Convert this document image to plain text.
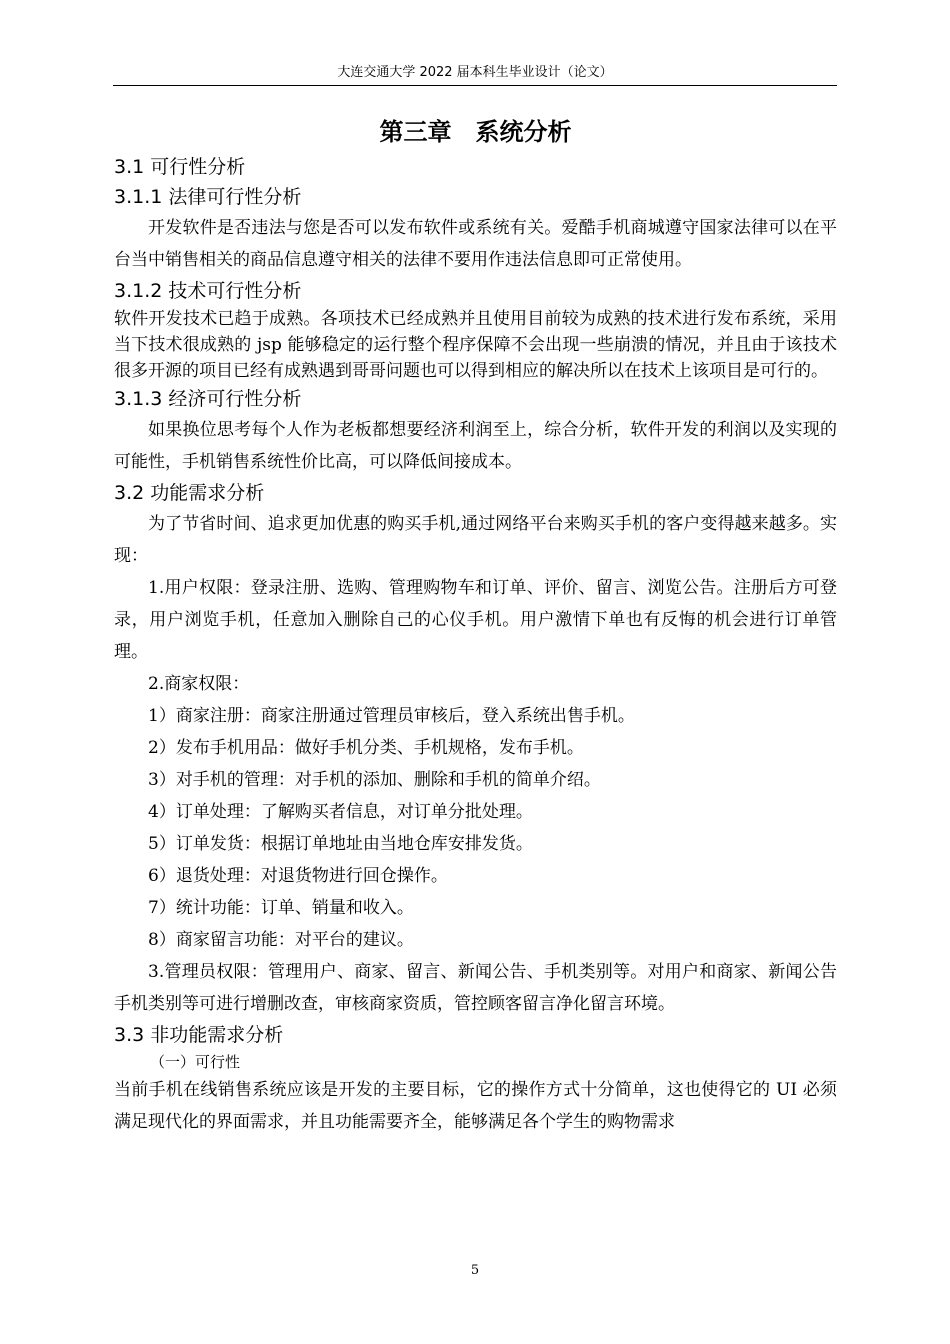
大连交通大学 2022 届本科生毕业设计（论文）
第三章　系统分析
3.1 可行性分析
3.1.1 法律可行性分析

开发软件是否违法与您是否可以发布软件或系统有关。爱酷手机商城遵守国家法律可以在平台当中销售相关的商品信息遵守相关的法律不要用作违法信息即可正常使用。

3.1.2 技术可行性分析

软件开发技术已趋于成熟。各项技术已经成熟并且使用目前较为成熟的技术进行发布系统，采用当下技术很成熟的 jsp 能够稳定的运行整个程序保障不会出现一些崩溃的情况，并且由于该技术很多开源的项目已经有成熟遇到哥哥问题也可以得到相应的解决所以在技术上该项目是可行的。

3.1.3 经济可行性分析

如果换位思考每个人作为老板都想要经济利润至上，综合分析，软件开发的利润以及实现的可能性，手机销售系统性价比高，可以降低间接成本。

3.2 功能需求分析

为了节省时间、追求更加优惠的购买手机,通过网络平台来购买手机的客户变得越来越多。实现：

1.用户权限：登录注册、选购、管理购物车和订单、评价、留言、浏览公告。注册后方可登录，用户浏览手机，任意加入删除自己的心仪手机。用户激情下单也有反悔的机会进行订单管理。

2.商家权限：

1）商家注册：商家注册通过管理员审核后，登入系统出售手机。

2）发布手机用品：做好手机分类、手机规格，发布手机。

3）对手机的管理：对手机的添加、删除和手机的简单介绍。

4）订单处理：了解购买者信息，对订单分批处理。

5）订单发货：根据订单地址由当地仓库安排发货。

6）退货处理：对退货物进行回仓操作。

7）统计功能：订单、销量和收入。

8）商家留言功能：对平台的建议。

3.管理员权限：管理用户、商家、留言、新闻公告、手机类别等。对用户和商家、新闻公告手机类别等可进行增删改查，审核商家资质，管控顾客留言净化留言环境。

3.3 非功能需求分析
（一）可行性

当前手机在线销售系统应该是开发的主要目标，它的操作方式十分简单，这也使得它的 UI 必须满足现代化的界面需求，并且功能需要齐全，能够满足各个学生的购物需求

5
